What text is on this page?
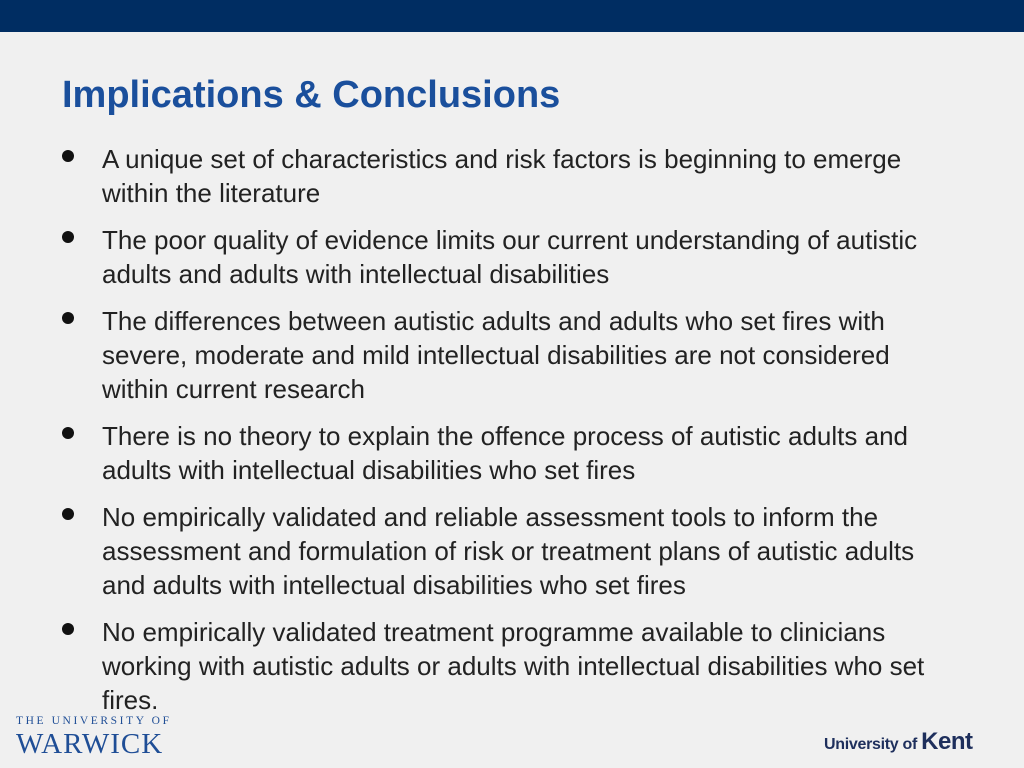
Implications & Conclusions
A unique set of characteristics and risk factors is beginning to emerge within the literature
The poor quality of evidence limits our current understanding of autistic adults and adults with intellectual disabilities
The differences between autistic adults and adults who set fires with severe, moderate and mild intellectual disabilities are not considered within current research
There is no theory to explain the offence process of autistic adults and adults with intellectual disabilities who set fires
No empirically validated and reliable assessment tools to inform the assessment and formulation of risk or treatment plans of autistic adults and adults with intellectual disabilities who set fires
No empirically validated treatment programme available to clinicians working with autistic adults or adults with intellectual disabilities who set fires.
THE UNIVERSITY OF
WARWICK	University of Kent
